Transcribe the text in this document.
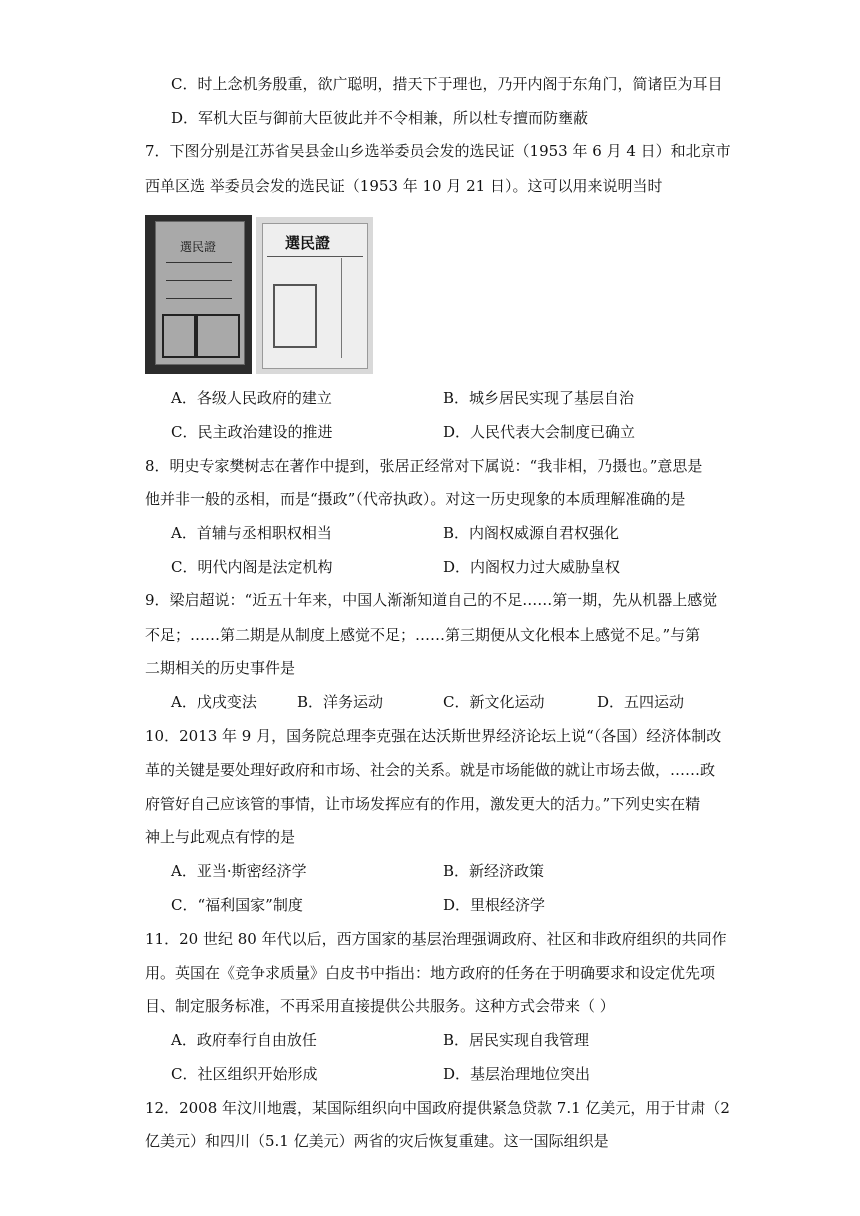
C．时上念机务殷重，欲广聪明，措天下于理也，乃开内阁于东角门，简诸臣为耳目
D．军机大臣与御前大臣彼此并不令相兼，所以杜专擅而防壅蔽
7．下图分别是江苏省吴县金山乡选举委员会发的选民证（1953 年 6 月 4 日）和北京市
西单区选 举委员会发的选民证（1953 年 10 月 21 日）。这可以用来说明当时
選民證	選民證
A．各级人民政府的建立	B．城乡居民实现了基层自治
C．民主政治建设的推进	D．人民代表大会制度已确立
8．明史专家樊树志在著作中提到，张居正经常对下属说：“我非相，乃摄也。”意思是
他并非一般的丞相，而是“摄政”（代帝执政）。对这一历史现象的本质理解准确的是
A．首辅与丞相职权相当	B．内阁权威源自君权强化
C．明代内阁是法定机构	D．内阁权力过大威胁皇权
9．梁启超说：“近五十年来，中国人渐渐知道自己的不足……第一期，先从机器上感觉
不足；……第二期是从制度上感觉不足；……第三期便从文化根本上感觉不足。”与第
二期相关的历史事件是
A．戊戌变法	B．洋务运动	C．新文化运动	D．五四运动
10．2013 年 9 月，国务院总理李克强在达沃斯世界经济论坛上说“（各国）经济体制改
革的关键是要处理好政府和市场、社会的关系。就是市场能做的就让市场去做，……政
府管好自己应该管的事情，让市场发挥应有的作用，激发更大的活力。”下列史实在精
神上与此观点有悖的是
A．亚当·斯密经济学	B．新经济政策
C．“福利国家”制度	D．里根经济学
11．20 世纪 80 年代以后，西方国家的基层治理强调政府、社区和非政府组织的共同作
用。英国在《竞争求质量》白皮书中指出：地方政府的任务在于明确要求和设定优先项
目、制定服务标准，不再采用直接提供公共服务。这种方式会带来（ ）
A．政府奉行自由放任	B．居民实现自我管理
C．社区组织开始形成	D．基层治理地位突出
12．2008 年汶川地震，某国际组织向中国政府提供紧急贷款 7.1 亿美元，用于甘肃（2
亿美元）和四川（5.1 亿美元）两省的灾后恢复重建。这一国际组织是
